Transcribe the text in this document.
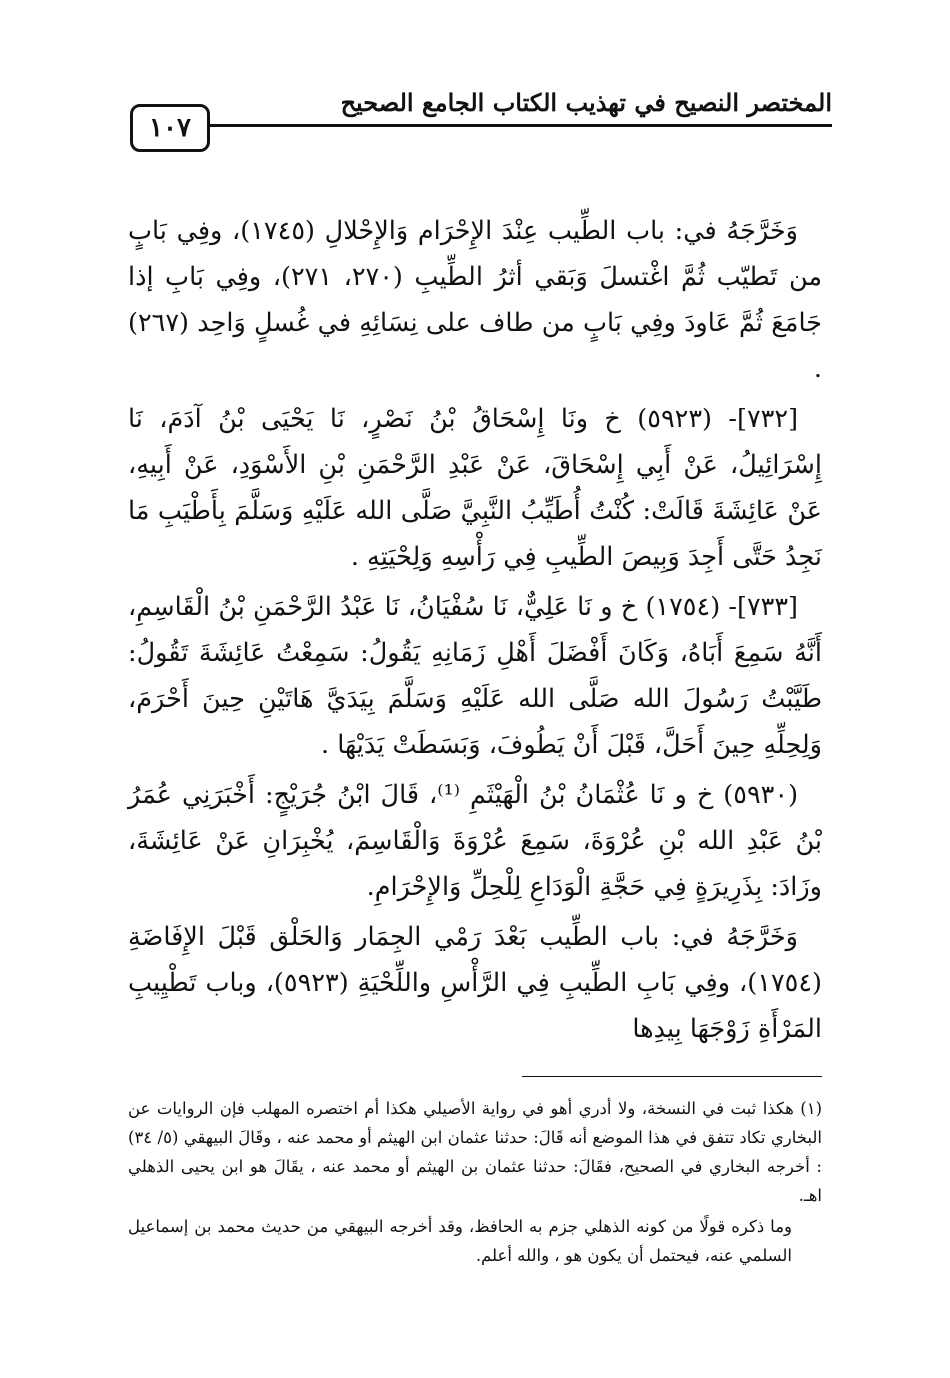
المختصر النصيح في تهذيب الكتاب الجامع الصحيح
١٠٧

وَخَرَّجَهُ في: باب الطِّيب عِنْدَ الإِحْرَام وَالإِحْلالِ (١٧٤٥)، وفِي بَابٍ من تَطيّب ثُمَّ اغْتسلَ وَبَقي أثرُ الطِّيبِ (٢٧٠، ٢٧١)، وفِي بَابِ إذا جَامَعَ ثُمَّ عَاودَ وفِي بَابٍ من طاف على نِسَائِهِ في غُسلٍ وَاحِد (٢٦٧) .

[٧٣٢]- (٥٩٢٣) خ ونَا إِسْحَاقُ بْنُ نَصْرٍ، نَا يَحْيَى بْنُ آدَمَ، نَا إِسْرَائِيلُ، عَنْ أَبِي إِسْحَاقَ، عَنْ عَبْدِ الرَّحْمَنِ بْنِ الأَسْوَدِ، عَنْ أَبِيهِ، عَنْ عَائِشَةَ قَالَتْ: كُنْتُ أُطَيِّبُ النَّبِيَّ صَلَّى الله عَلَيْهِ وَسَلَّمَ بِأَطْيَبِ مَا نَجِدُ حَتَّى أَجِدَ وَبِيصَ الطِّيبِ فِي رَأْسِهِ وَلِحْيَتِهِ .

[٧٣٣]- (١٧٥٤) خ و نَا عَلِيٌّ، نَا سُفْيَانُ، نَا عَبْدُ الرَّحْمَنِ بْنُ الْقَاسِمِ، أَنَّهُ سَمِعَ أَبَاهُ، وَكَانَ أَفْضَلَ أَهْلِ زَمَانِهِ يَقُولُ: سَمِعْتُ عَائِشَةَ تَقُولُ: طَيَّبْتُ رَسُولَ الله صَلَّى الله عَلَيْهِ وَسَلَّمَ بِيَدَيَّ هَاتَيْنِ حِينَ أَحْرَمَ، وَلِحِلِّهِ حِينَ أَحَلَّ، قَبْلَ أَنْ يَطُوفَ، وَبَسَطَتْ يَدَيْهَا .

(٥٩٣٠) خ و نَا عُثْمَانُ بْنُ الْهَيْثَمِ ⁽¹⁾، قَالَ ابْنُ جُرَيْجٍ: أَخْبَرَنِي عُمَرُ بْنُ عَبْدِ الله بْنِ عُرْوَةَ، سَمِعَ عُرْوَةَ وَالْقَاسِمَ، يُخْبِرَانِ عَنْ عَائِشَةَ، وزَادَ: بِذَرِيرَةٍ فِي حَجَّةِ الْوَدَاعِ لِلْحِلِّ وَالإِحْرَامِ.

وَخَرَّجَهُ في: باب الطِّيب بَعْدَ رَمْي الجِمَار وَالحَلْق قَبْلَ الإِفَاضَةِ (١٧٥٤)، وفِي بَابِ الطِّيبِ فِي الرَّأْسِ واللِّحْيَةِ (٥٩٢٣)، وباب تَطْيِيبِ المَرْأَةِ زَوْجَهَا بِيدِها

(١) هكذا ثبت في النسخة، ولا أدري أهو في رواية الأصيلي هكذا أم اختصره المهلب فإن الروايات عن البخاري تكاد تتفق في هذا الموضع أنه قَالَ: حدثنا عثمان ابن الهيثم أو محمد عنه ، وقَالَ البيهقي (٥/ ٣٤) : أخرجه البخاري في الصحيح، فقَالَ: حدثنا عثمان بن الهيثم أو محمد عنه ، يقَالَ هو ابن يحيى الذهلي اهـ.

وما ذكره قولًا من كونه الذهلي جزم به الحافظ، وقد أخرجه البيهقي من حديث محمد بن إسماعيل السلمي عنه، فيحتمل أن يكون هو ، والله أعلم.
